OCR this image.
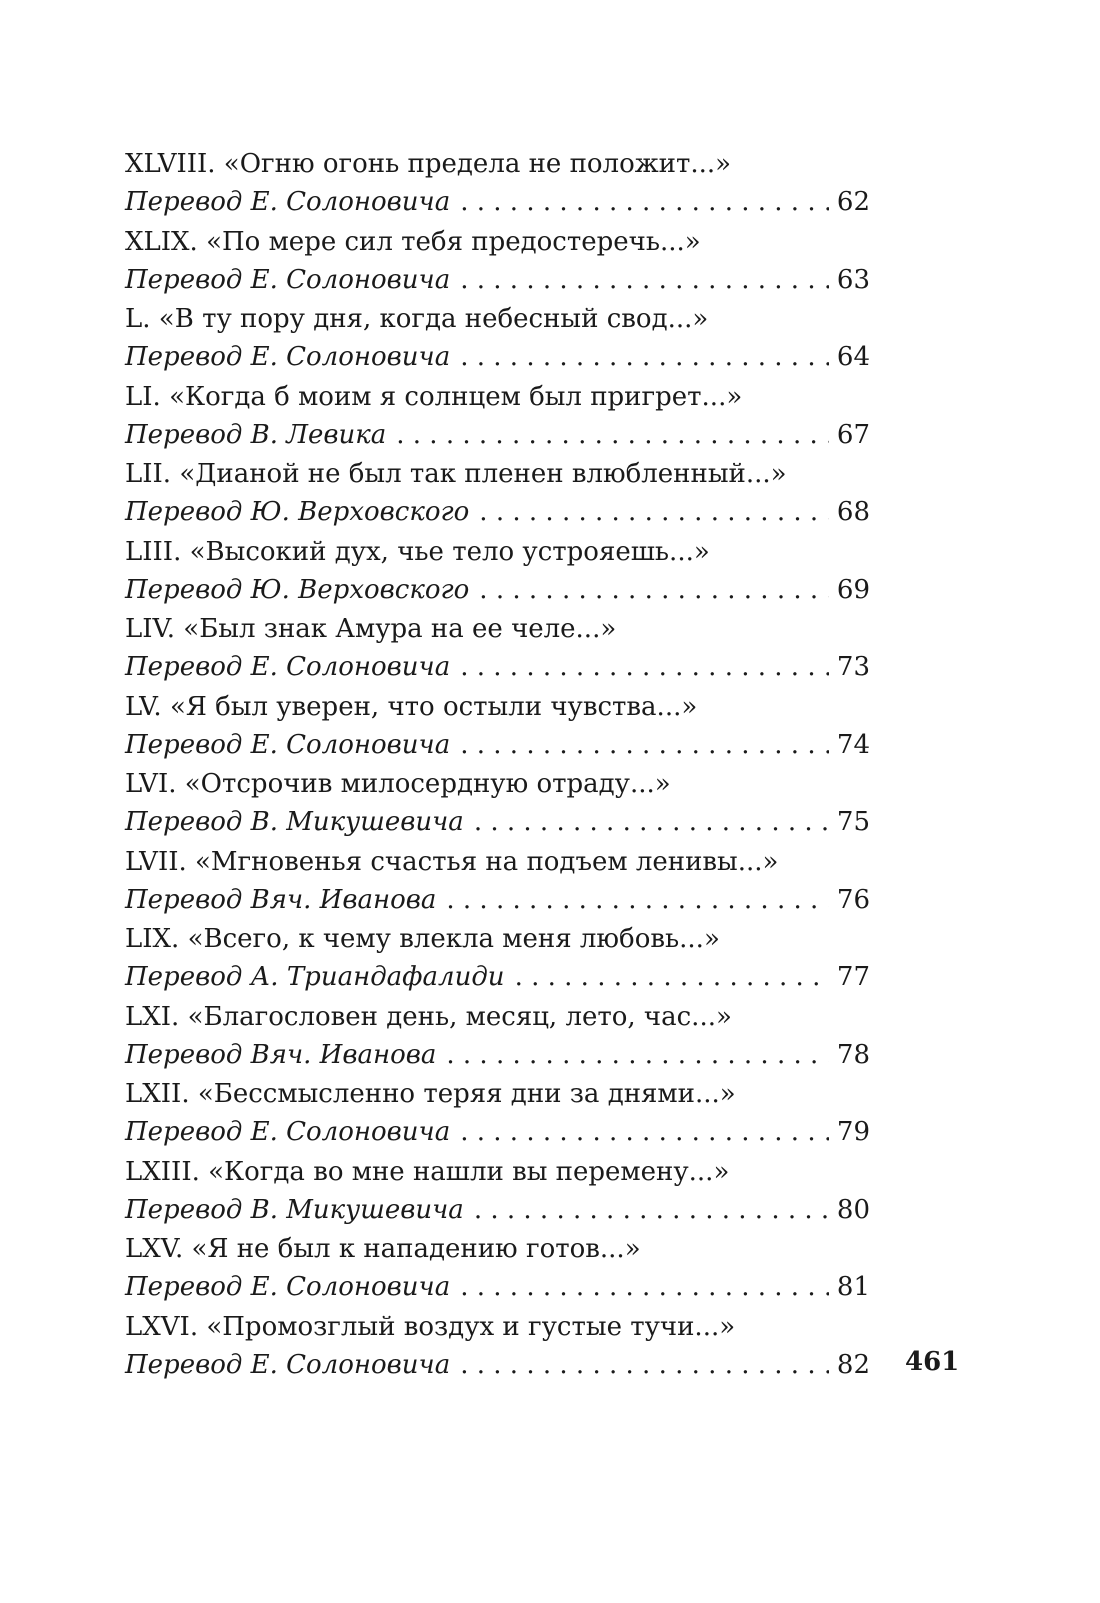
XLVIII. «Огню огонь предела не положит...»
Перевод Е. Солоновича . . .	62
XLIX. «По мере сил тебя предостеречь...»
Перевод Е. Солоновича . . .	63
L. «В ту пору дня, когда небесный свод...»
Перевод Е. Солоновича . . .	64
LI. «Когда б моим я солнцем был пригрет...»
Перевод В. Левика . . .	67
LII. «Дианой не был так пленен влюбленный...»
Перевод Ю. Верховского . . .	68
LIII. «Высокий дух, чье тело устрояешь...»
Перевод Ю. Верховского . . .	69
LIV. «Был знак Амура на ее челе...»
Перевод Е. Солоновича . . .	73
LV. «Я был уверен, что остыли чувства...»
Перевод Е. Солоновича . . .	74
LVI. «Отсрочив милосердную отраду...»
Перевод В. Микушевича . . .	75
LVII. «Мгновенья счастья на подъем ленивы...»
Перевод Вяч. Иванова . . .	76
LIX. «Всего, к чему влекла меня любовь...»
Перевод А. Триандафалиди . . .	77
LXI. «Благословен день, месяц, лето, час...»
Перевод Вяч. Иванова . . .	78
LXII. «Бессмысленно теряя дни за днями...»
Перевод Е. Солоновича . . .	79
LXIII. «Когда во мне нашли вы перемену...»
Перевод В. Микушевича . . .	80
LXV. «Я не был к нападению готов...»
Перевод Е. Солоновича . . .	81
LXVI. «Промозглый воздух и густые тучи...»
Перевод Е. Солоновича . . .	82 461
